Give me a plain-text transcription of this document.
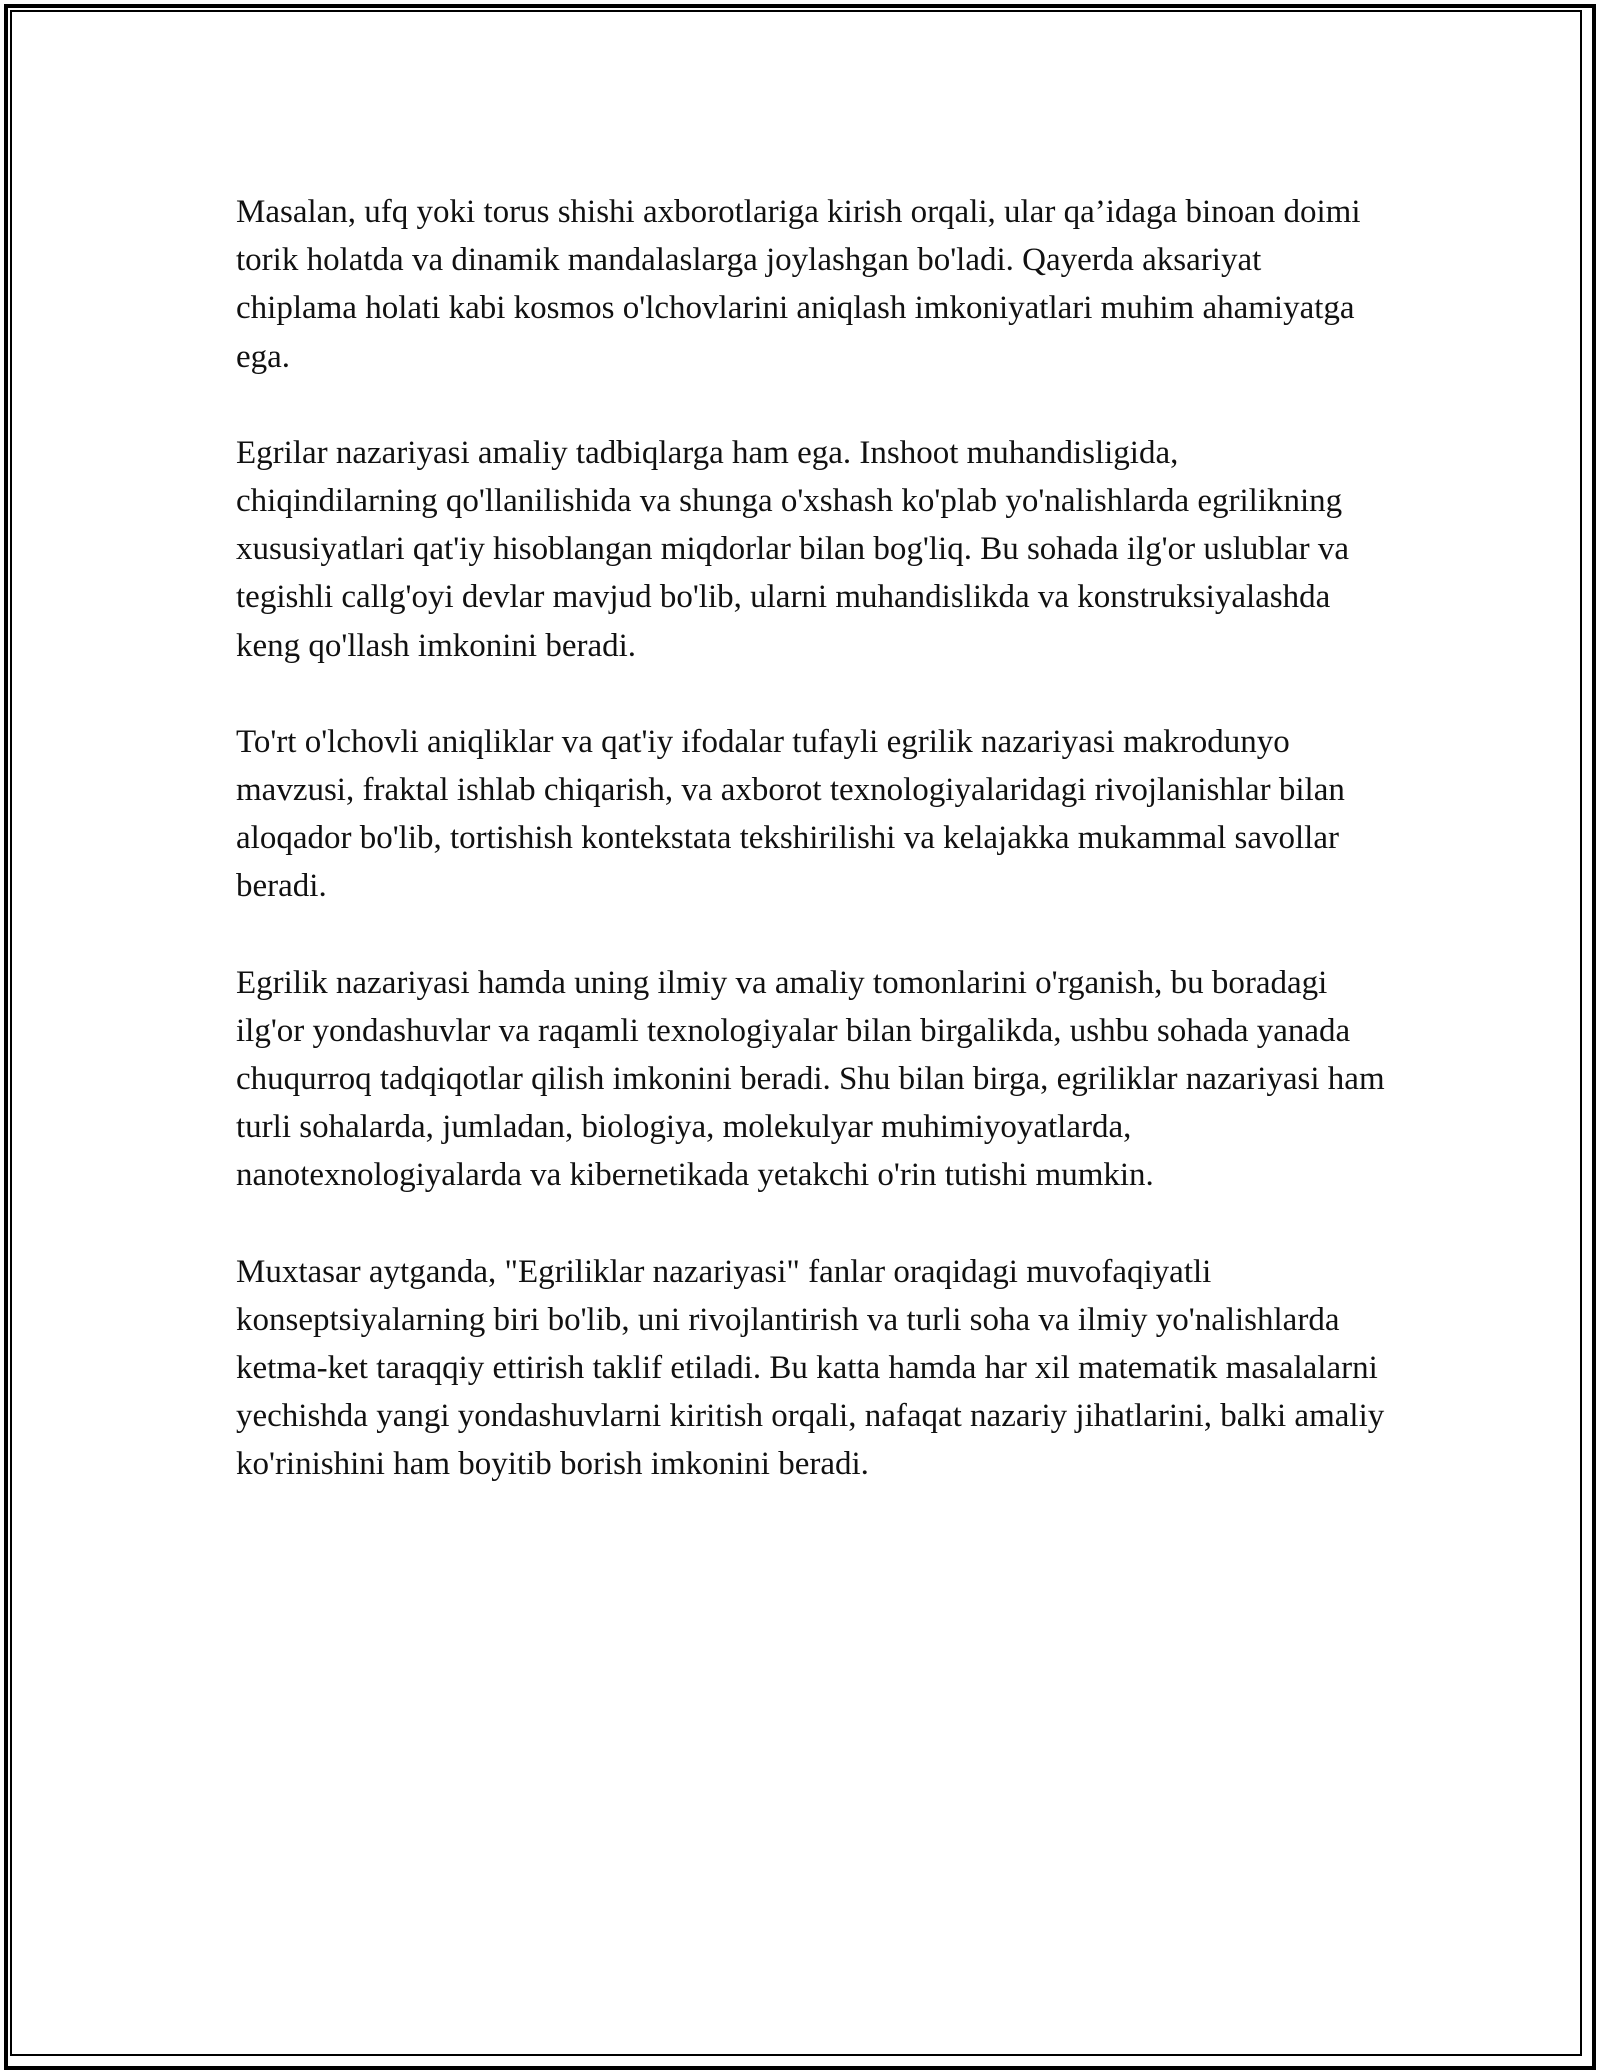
Masalan, ufq yoki torus shishi axborotlariga kirish orqali, ular qa’idaga binoan doimi torik holatda va dinamik mandalaslarga joylashgan bo'ladi. Qayerda aksariyat chiplama holati kabi kosmos o'lchovlarini aniqlash imkoniyatlari muhim ahamiyatga ega.

Egrilar nazariyasi amaliy tadbiqlarga ham ega. Inshoot muhandisligida, chiqindilarning qo'llanilishida va shunga o'xshash ko'plab yo'nalishlarda egrilikning xususiyatlari qat'iy hisoblangan miqdorlar bilan bog'liq. Bu sohada ilg'or uslublar va tegishli callg'oyi devlar mavjud bo'lib, ularni muhandislikda va konstruksiyalashda keng qo'llash imkonini beradi.

To'rt o'lchovli aniqliklar va qat'iy ifodalar tufayli egrilik nazariyasi makrodunyo mavzusi, fraktal ishlab chiqarish, va axborot texnologiyalaridagi rivojlanishlar bilan aloqador bo'lib, tortishish kontekstata tekshirilishi va kelajakka mukammal savollar beradi.

Egrilik nazariyasi hamda uning ilmiy va amaliy tomonlarini o'rganish, bu boradagi ilg'or yondashuvlar va raqamli texnologiyalar bilan birgalikda, ushbu sohada yanada chuqurroq tadqiqotlar qilish imkonini beradi. Shu bilan birga, egriliklar nazariyasi ham turli sohalarda, jumladan, biologiya, molekulyar muhimiyoyatlarda, nanotexnologiyalarda va kibernetikada yetakchi o'rin tutishi mumkin.

Muxtasar aytganda, "Egriliklar nazariyasi" fanlar oraqidagi muvofaqiyatli konseptsiyalarning biri bo'lib, uni rivojlantirish va turli soha va ilmiy yo'nalishlarda ketma-ket taraqqiy ettirish taklif etiladi. Bu katta hamda har xil matematik masalalarni yechishda yangi yondashuvlarni kiritish orqali, nafaqat nazariy jihatlarini, balki amaliy ko'rinishini ham boyitib borish imkonini beradi.
